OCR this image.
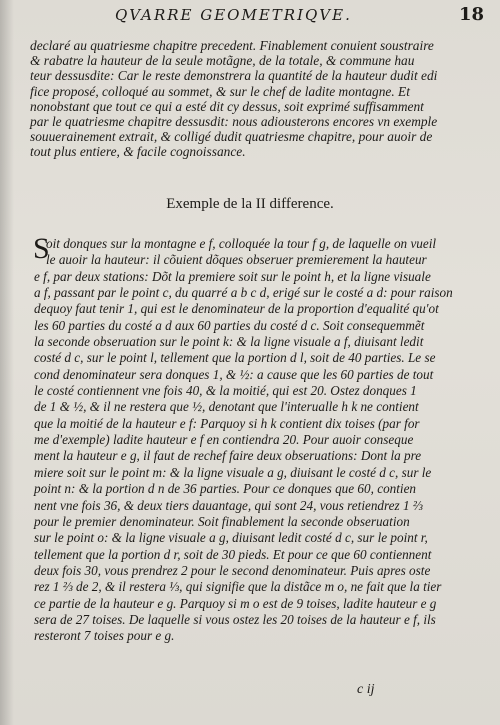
QVARRE GEOMETRIQVE.	18
declaré au quatriesme chapitre precedent. Finablement conuient soustraire
& rabatre la hauteur de la seule motãgne, de la totale, & commune hau
teur dessusdite: Car le reste demonstrera la quantité de la hauteur dudit edi
fice proposé, colloqué au sommet, & sur le chef de ladite montagne. Et
nonobstant que tout ce qui a esté dit cy dessus, soit exprimé suffisamment
par le quatriesme chapitre dessusdit: nous adiousterons encores vn exemple
souuerainement extrait, & colligé dudit quatriesme chapitre, pour auoir de
tout plus entiere, & facile cognoissance.
Exemple de la II difference.
S
oit donques sur la montagne e f, colloquée la tour f g, de laquelle on vueil
le auoir la hauteur: il cõuient dõques obseruer premierement la hauteur
e f, par deux stations: Dõt la premiere soit sur le point h, et la ligne visuale
a f, passant par le point c, du quarré a b c d, erigé sur le costé a d: pour raison
dequoy faut tenir 1, qui est le denominateur de la proportion d'equalité qu'ot
les 60 parties du costé a d aux 60 parties du costé d c. Soit consequemmẽt
la seconde obseruation sur le point k: & la ligne visuale a f, diuisant ledit
costé d c, sur le point l, tellement que la portion d l, soit de 40 parties. Le se
cond denominateur sera donques 1, & ½: a cause que les 60 parties de tout
le costé contiennent vne fois 40, & la moitié, qui est 20. Ostez donques 1
de 1 & ½, & il ne restera que ½, denotant que l'interualle h k ne contient
que la moitié de la hauteur e f: Parquoy si h k contient dix toises (par for
me d'exemple) ladite hauteur e f en contiendra 20. Pour auoir conseque
ment la hauteur e g, il faut de rechef faire deux obseruations: Dont la pre
miere soit sur le point m: & la ligne visuale a g, diuisant le costé d c, sur le
point n: & la portion d n de 36 parties. Pour ce donques que 60, contien
nent vne fois 36, & deux tiers dauantage, qui sont 24, vous retiendrez 1 ⅔
pour le premier denominateur. Soit finablement la seconde obseruation
sur le point o: & la ligne visuale a g, diuisant ledit costé d c, sur le point r,
tellement que la portion d r, soit de 30 pieds. Et pour ce que 60 contiennent
deux fois 30, vous prendrez 2 pour le second denominateur. Puis apres oste
rez 1 ⅔ de 2, & il restera ⅓, qui signifie que la distãce m o, ne fait que la tier
ce partie de la hauteur e g. Parquoy si m o est de 9 toises, ladite hauteur e g
sera de 27 toises. De laquelle si vous ostez les 20 toises de la hauteur e f, ils
resteront 7 toises pour e g.
c ij
